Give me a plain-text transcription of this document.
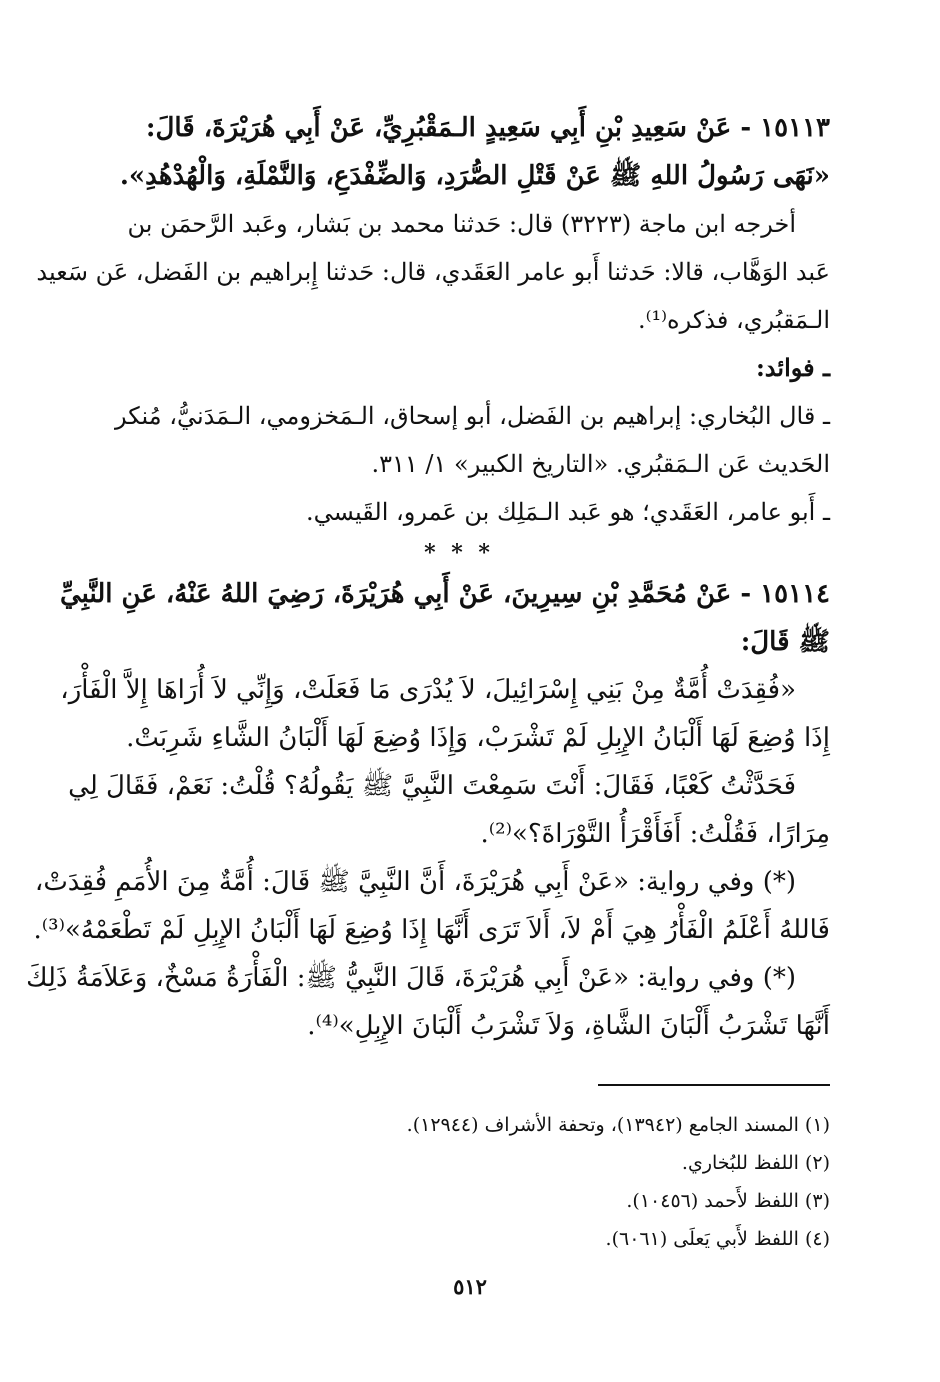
١٥١١٣ - عَنْ سَعِيدِ بْنِ أَبِي سَعِيدٍ الـمَقْبُرِيِّ، عَنْ أَبِي هُرَيْرَةَ، قَالَ:
«نَهَى رَسُولُ اللهِ ﷺ عَنْ قَتْلِ الصُّرَدِ، وَالضِّفْدَعِ، وَالنَّمْلَةِ، وَالْهُدْهُدِ».
أخرجه ابن ماجة (٣٢٢٣) قال: حَدثنا محمد بن بَشار، وعَبد الرَّحمَن بن
عَبد الوَهَّاب، قالا: حَدثنا أَبو عامر العَقَدي، قال: حَدثنا إِبراهيم بن الفَضل، عَن سَعيد
الـمَقبُري، فذكره⁽¹⁾.
ـ فوائد:
ـ قال البُخاري: إبراهيم بن الفَضل، أبو إسحاق، الـمَخزومي، الـمَدَنيُّ، مُنكر
الحَديث عَن الـمَقبُري. «التاريخ الكبير» ١/ ٣١١.
ـ أَبو عامر، العَقَدي؛ هو عَبد الـمَلِك بن عَمرو، القَيسي.
* * *
١٥١١٤ - عَنْ مُحَمَّدِ بْنِ سِيرِينَ، عَنْ أَبِي هُرَيْرَةَ، رَضِيَ اللهُ عَنْهُ، عَنِ النَّبِيِّ
ﷺ قَالَ:
«فُقِدَتْ أُمَّةٌ مِنْ بَنِي إِسْرَائِيلَ، لاَ يُدْرَى مَا فَعَلَتْ، وَإِنِّي لاَ أُرَاهَا إِلاَّ الْفَأْرَ،
إِذَا وُضِعَ لَهَا أَلْبَانُ الإِبِلِ لَمْ تَشْرَبْ، وَإِذَا وُضِعَ لَهَا أَلْبَانُ الشَّاءِ شَرِبَتْ.
فَحَدَّثْتُ كَعْبًا، فَقَالَ: أَنْتَ سَمِعْتَ النَّبِيَّ ﷺ يَقُولُهُ؟ قُلْتُ: نَعَمْ، فَقَالَ لِي
مِرَارًا، فَقُلْتُ: أَفَأَقْرَأُ التَّوْرَاةَ؟»⁽²⁾.
(*) وفي رواية: «عَنْ أَبِي هُرَيْرَةَ، أَنَّ النَّبِيَّ ﷺ قَالَ: أُمَّةٌ مِنَ الأُمَمِ فُقِدَتْ،
فَاللهُ أَعْلَمُ الْفَأْرُ هِيَ أَمْ لاَ، أَلاَ تَرَى أَنَّهَا إِذَا وُضِعَ لَهَا أَلْبَانُ الإِبِلِ لَمْ تَطْعَمْهُ»⁽³⁾.
(*) وفي رواية: «عَنْ أَبِي هُرَيْرَةَ، قَالَ النَّبِيُّ ﷺ: الْفَأْرَةُ مَسْخٌ، وَعَلاَمَةُ ذَلِكَ
أَنَّهَا تَشْرَبُ أَلْبَانَ الشَّاةِ، وَلاَ تَشْرَبُ أَلْبَانَ الإِبِلِ»⁽⁴⁾.
(١) المسند الجامع (١٣٩٤٢)، وتحفة الأشراف (١٢٩٤٤).
(٢) اللفظ للبُخاري.
(٣) اللفظ لأَحمد (١٠٤٥٦).
(٤) اللفظ لأَبي يَعلَى (٦٠٦١).
٥١٢
